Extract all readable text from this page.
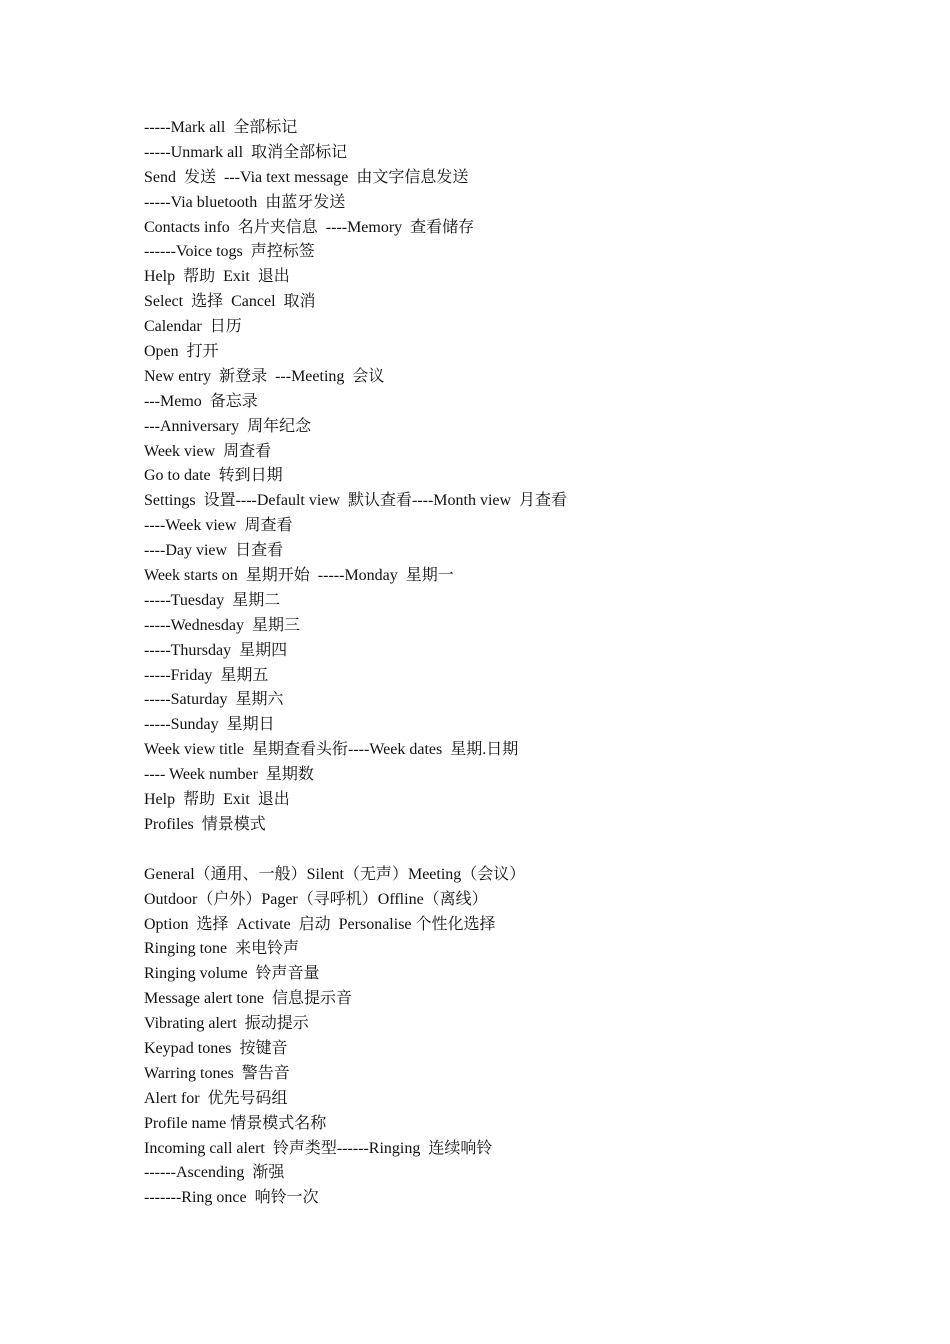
-----Mark all  全部标记
-----Unmark all  取消全部标记
Send  发送  ---Via text message  由文字信息发送
-----Via bluetooth  由蓝牙发送
Contacts info  名片夹信息  ----Memory  查看储存
------Voice togs  声控标签
Help  帮助  Exit  退出
Select  选择  Cancel  取消
Calendar  日历
Open  打开
New entry  新登录  ---Meeting  会议
---Memo  备忘录
---Anniversary  周年纪念
Week view  周查看
Go to date  转到日期
Settings  设置----Default view  默认查看----Month view  月查看
----Week view  周查看
----Day view  日查看
Week starts on  星期开始  -----Monday  星期一
-----Tuesday  星期二
-----Wednesday  星期三
-----Thursday  星期四
-----Friday  星期五
-----Saturday  星期六
-----Sunday  星期日
Week view title  星期查看头衔----Week dates  星期.日期
---- Week number  星期数
Help  帮助  Exit  退出
Profiles  情景模式
General（通用、一般）Silent（无声）Meeting（会议）
Outdoor（户外）Pager（寻呼机）Offline（离线）
Option  选择  Activate  启动  Personalise 个性化选择
Ringing tone  来电铃声
Ringing volume  铃声音量
Message alert tone  信息提示音
Vibrating alert  振动提示
Keypad tones  按键音
Warring tones  警告音
Alert for  优先号码组
Profile name 情景模式名称
Incoming call alert  铃声类型------Ringing  连续响铃
------Ascending  渐强
-------Ring once  响铃一次
